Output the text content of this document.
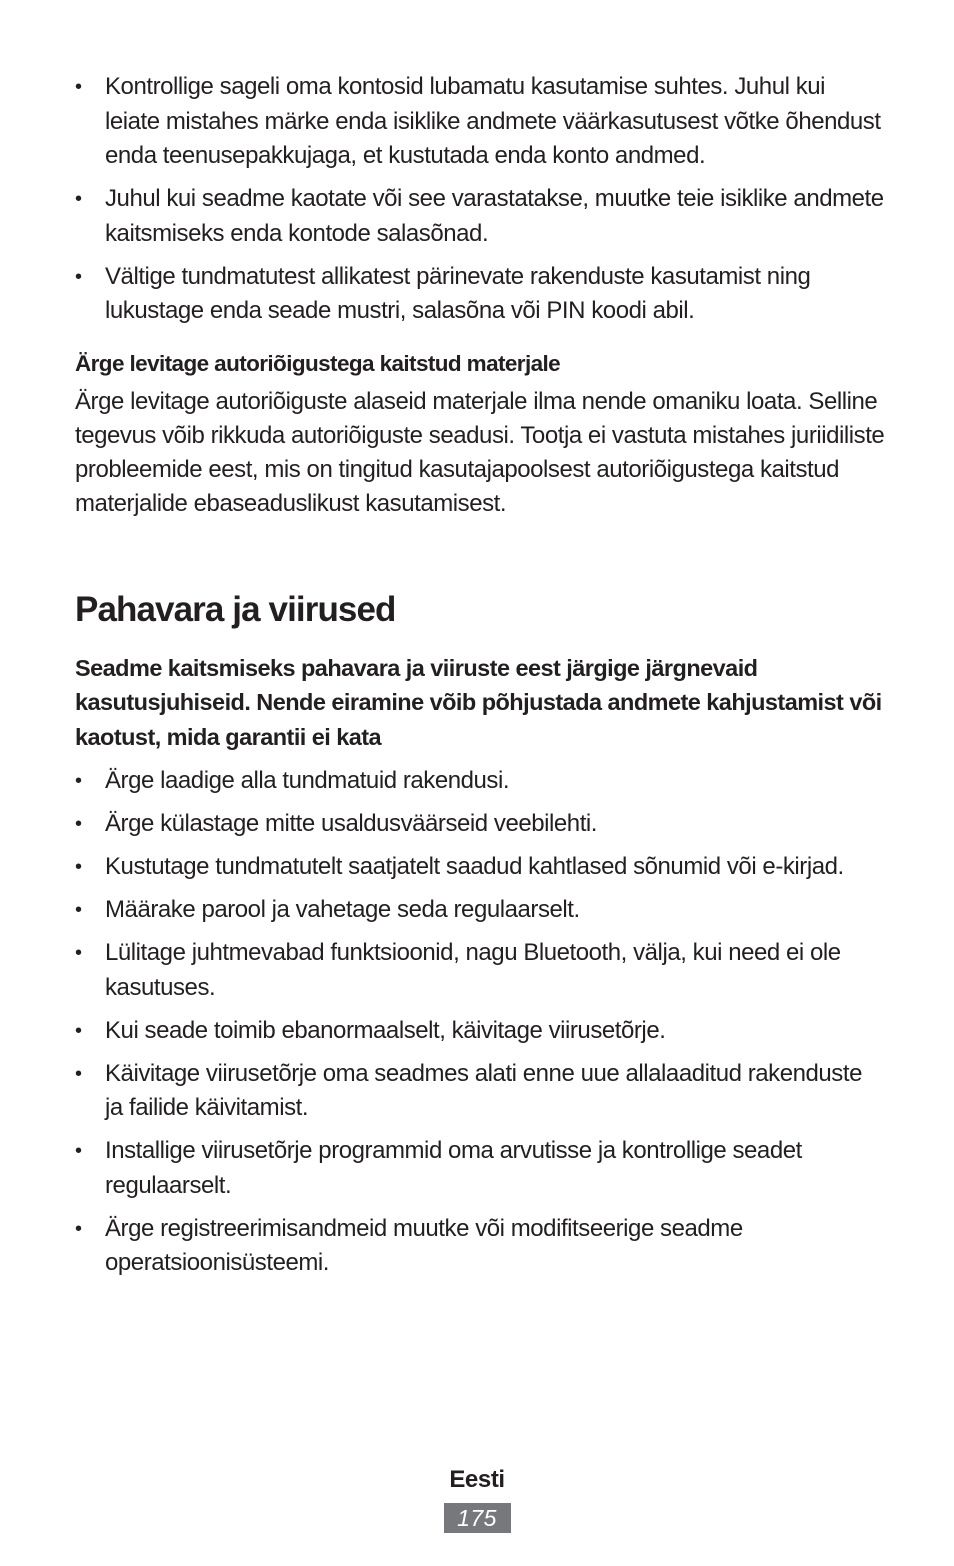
• Kontrollige sageli oma kontosid lubamatu kasutamise suhtes. Juhul kui leiate mistahes märke enda isiklike andmete väärkasutusest võtke õhendust enda teenusepakkujaga, et kustutada enda konto andmed.
• Juhul kui seadme kaotate või see varastatakse, muutke teie isiklike andmete kaitsmiseks enda kontode salasõnad.
• Vältige tundmatutest allikatest pärinevate rakenduste kasutamist ning lukustage enda seade mustri, salasõna või PIN koodi abil.
Ärge levitage autoriõigustega kaitstud materjale

Ärge levitage autoriõiguste alaseid materjale ilma nende omaniku loata. Selline tegevus võib rikkuda autoriõiguste seadusi. Tootja ei vastuta mistahes juriidiliste probleemide eest, mis on tingitud kasutajapoolsest autoriõigustega kaitstud materjalide ebaseaduslikust kasutamisest.

Pahavara ja viirused

Seadme kaitsmiseks pahavara ja viiruste eest järgige järgnevaid kasutusjuhiseid. Nende eiramine võib põhjustada andmete kahjustamist või kaotust, mida garantii ei kata

• Ärge laadige alla tundmatuid rakendusi.
• Ärge külastage mitte usaldusväärseid veebilehti.
• Kustutage tundmatutelt saatjatelt saadud kahtlased sõnumid või e-kirjad.
• Määrake parool ja vahetage seda regulaarselt.
• Lülitage juhtmevabad funktsioonid, nagu Bluetooth, välja, kui need ei ole kasutuses.
• Kui seade toimib ebanormaalselt, käivitage viirusetõrje.
• Käivitage viirusetõrje oma seadmes alati enne uue allalaaditud rakenduste ja failide käivitamist.
• Installige viirusetõrje programmid oma arvutisse ja kontrollige seadet regulaarselt.
• Ärge registreerimisandmeid muutke või modifitseerige seadme operatsioonisüsteemi.
Eesti
175
